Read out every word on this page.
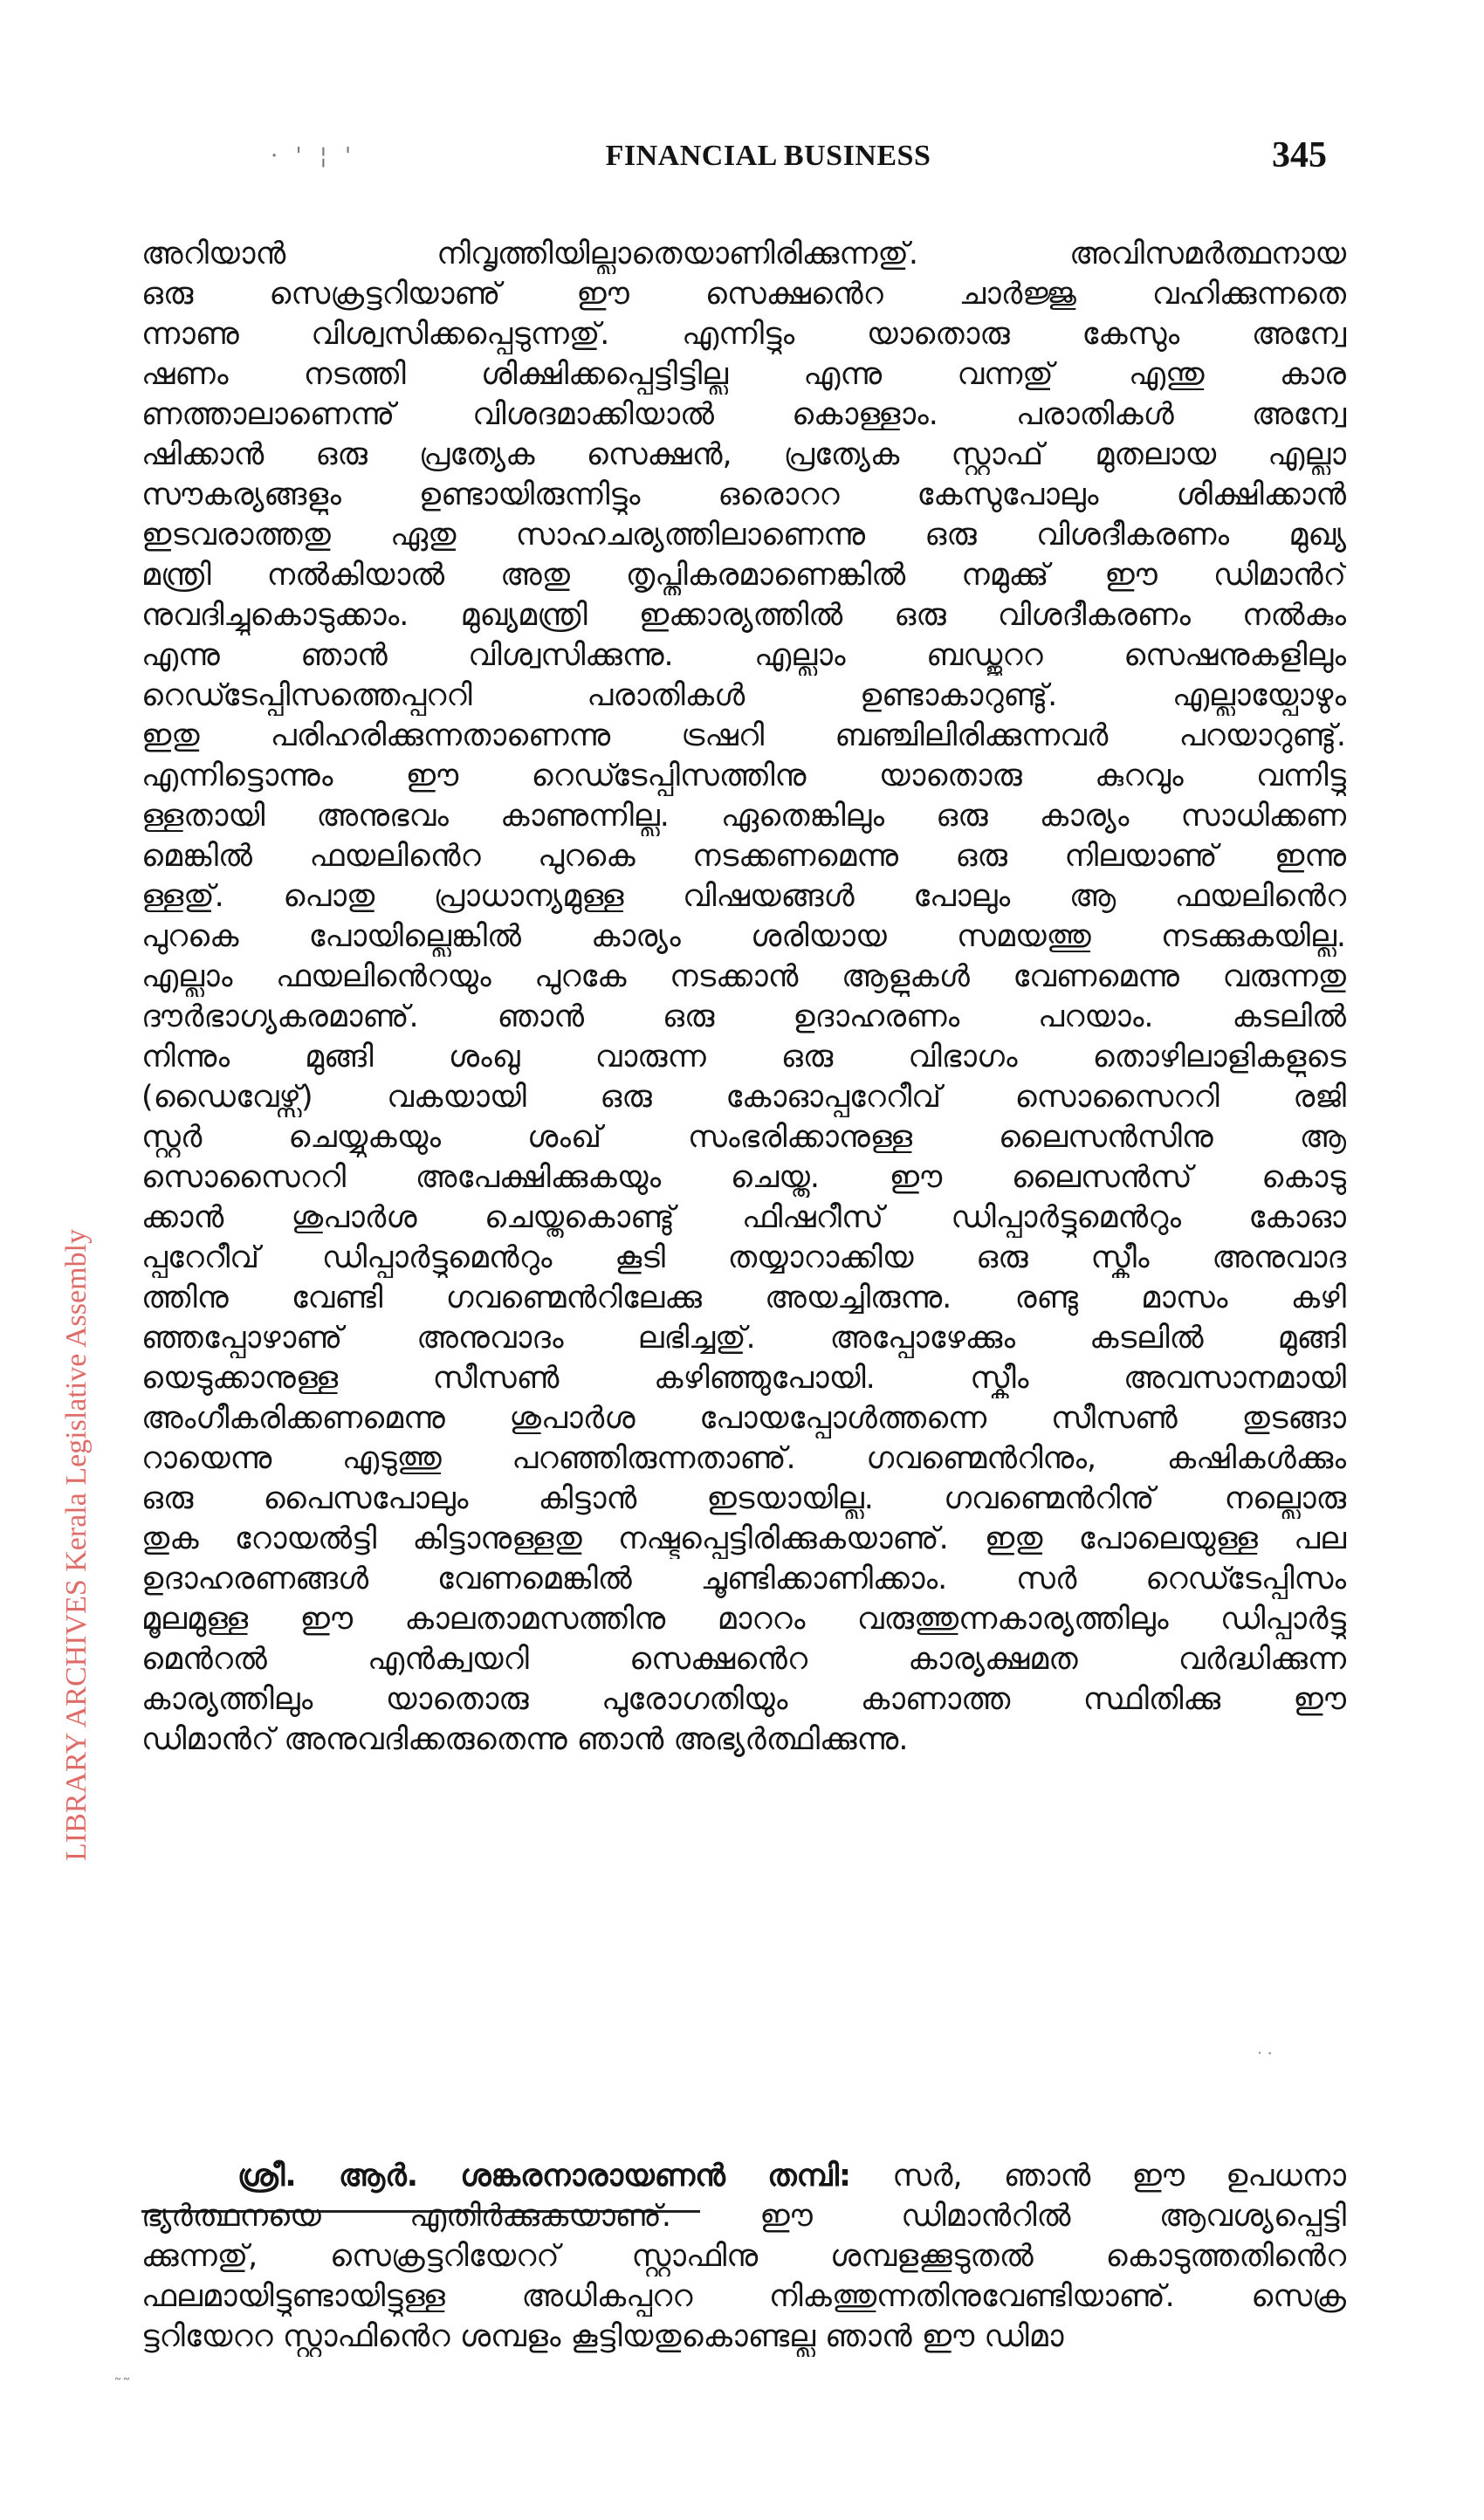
· ' ¦ '	FINANCIAL BUSINESS	345
LIBRARY ARCHIVES Kerala Legislative Assembly
അറിയാൻ നിവൃത്തിയില്ലാതെയാണിരിക്കുന്നതു്. അവിസമർത്ഥനായ
ഒരു സെക്രട്ടറിയാണു് ഈ സെക്ഷൻെറ ചാർജ്ജു വഹിക്കുന്നതെ
ന്നാണു വിശ്വസിക്കപ്പെടുന്നതു്. എന്നിട്ടും യാതൊരു കേസും അന്വേ
ഷണം നടത്തി ശിക്ഷിക്കപ്പെട്ടിട്ടില്ല എന്നു വന്നതു് എന്തു കാര
ണത്താലാണെന്നു് വിശദമാക്കിയാൽ കൊള്ളാം. പരാതികൾ അന്വേ
ഷിക്കാൻ ഒരു പ്രത്യേക സെക്ഷൻ, പ്രത്യേക സ്റ്റാഫ് മുതലായ എല്ലാ
സൗകര്യങ്ങളും ഉണ്ടായിരുന്നിട്ടും ഒരൊററ കേസുപോലും ശിക്ഷിക്കാൻ
ഇടവരാത്തതു ഏതു സാഹചര്യത്തിലാണെന്നു ഒരു വിശദീകരണം മുഖ്യ
മന്ത്രി നൽകിയാൽ അതു തൃപ്തികരമാണെങ്കിൽ നമുക്കു് ഈ ഡിമാൻറ്
നുവദിച്ചുകൊടുക്കാം. മുഖ്യമന്ത്രി ഇക്കാര്യത്തിൽ ഒരു വിശദീകരണം നൽകും
എന്നു ഞാൻ വിശ്വസിക്കുന്നു. എല്ലാം ബഡ്ജററ സെഷനുകളിലും
റെഡ്ടേപ്പിസത്തെപ്പററി പരാതികൾ ഉണ്ടാകാറുണ്ടു്. എല്ലായ്പ്പോഴും
ഇതു പരിഹരിക്കുന്നതാണെന്നു ട്രഷറി ബഞ്ചിലിരിക്കുന്നവർ പറയാറുണ്ടു്.
എന്നിട്ടൊന്നും ഈ റെഡ്ടേപ്പിസത്തിനു യാതൊരു കുറവും വന്നിട്ടു
ള്ളതായി അനുഭവം കാണുന്നില്ല. ഏതെങ്കിലും ഒരു കാര്യം സാധിക്കണ
മെങ്കിൽ ഫയലിൻെറ പുറകെ നടക്കണമെന്നു ഒരു നിലയാണു് ഇന്നു
ള്ളതു്. പൊതു പ്രാധാന്യമുള്ള വിഷയങ്ങൾ പോലും ആ ഫയലിൻെറ
പുറകെ പോയില്ലെങ്കിൽ കാര്യം ശരിയായ സമയത്തു നടക്കുകയില്ല.
എല്ലാം ഫയലിൻെറയും പുറകേ നടക്കാൻ ആളുകൾ വേണമെന്നു വരുന്നതു
ദൗർഭാഗ്യകരമാണു്. ഞാൻ ഒരു ഉദാഹരണം പറയാം. കടലിൽ
നിന്നും മുങ്ങി ശംഖു വാരുന്ന ഒരു വിഭാഗം തൊഴിലാളികളുടെ
(ഡൈവേഴ്സ്) വകയായി ഒരു കോഓപ്പറേറീവ് സൊസൈററി രജി
സ്റ്റർ ചെയ്യുകയും ശംഖ് സംഭരിക്കാനുള്ള ലൈസൻസിനു ആ
സൊസൈററി അപേക്ഷിക്കുകയും ചെയ്തു. ഈ ലൈസൻസ് കൊടു
ക്കാൻ ശുപാർശ ചെയ്തുകൊണ്ടു് ഫിഷറീസ് ഡിപ്പാർട്ടുമെൻറും കോഓ
പ്പറേറീവ് ഡിപ്പാർട്ടുമെൻറും കൂടി തയ്യാറാക്കിയ ഒരു സ്കീം അനുവാദ
ത്തിനു വേണ്ടി ഗവണ്മെൻറിലേക്കു അയച്ചിരുന്നു. രണ്ടു മാസം കഴി
ഞ്ഞപ്പോഴാണു് അനുവാദം ലഭിച്ചതു്. അപ്പോഴേക്കും കടലിൽ മുങ്ങി
യെടുക്കാനുള്ള സീസൺ കഴിഞ്ഞുപോയി. സ്കീം അവസാനമായി
അംഗീകരിക്കണമെന്നു ശുപാർശ പോയപ്പോൾത്തന്നെ സീസൺ തുടങ്ങാ
റായെന്നു എടുത്തു പറഞ്ഞിരുന്നതാണു്. ഗവണ്മെൻറിനും, കഷികൾക്കും
ഒരു പൈസപോലും കിട്ടാൻ ഇടയായില്ല. ഗവണ്മെൻറിനു് നല്ലൊരു
തുക റോയൽട്ടി കിട്ടാനുള്ളതു നഷ്ടപ്പെട്ടിരിക്കുകയാണു്. ഇതു പോലെയുള്ള പല
ഉദാഹരണങ്ങൾ വേണമെങ്കിൽ ചൂണ്ടിക്കാണിക്കാം. സർ റെഡ്ടേപ്പിസം
മൂലമുള്ള ഈ കാലതാമസത്തിനു മാററം വരുത്തുന്നകാര്യത്തിലും ഡിപ്പാർട്ടു
മെൻറൽ എൻക്വയറി സെക്ഷൻെറ കാര്യക്ഷമത വർദ്ധിക്കുന്ന
കാര്യത്തിലും യാതൊരു പുരോഗതിയും കാണാത്ത സ്ഥിതിക്കു ഈ
ഡിമാൻറ് അനുവദിക്കരുതെന്നു ഞാൻ അഭ്യർത്ഥിക്കുന്നു.
ശ്രീ. ആർ. ശങ്കരനാരായണൻ തമ്പി: സർ, ഞാൻ ഈ ഉപധനാ
ഭ്യർത്ഥനയെ എതിർക്കുകയാണു്. ഈ ഡിമാൻറിൽ ആവശ്യപ്പെട്ടി
ക്കുന്നതു്, സെക്രട്ടറിയേററ് സ്റ്റാഫിനു ശമ്പളക്കൂടുതൽ കൊടുത്തതിൻെറ
ഫലമായിട്ടുണ്ടായിട്ടുള്ള അധികപ്പററ നികത്തുന്നതിനുവേണ്ടിയാണു്. സെക്ര
ട്ടറിയേററ സ്റ്റാഫിൻെറ ശമ്പളം കൂട്ടിയതുകൊണ്ടല്ല ഞാൻ ഈ ഡിമാ
ᐧ ·
˜˜
